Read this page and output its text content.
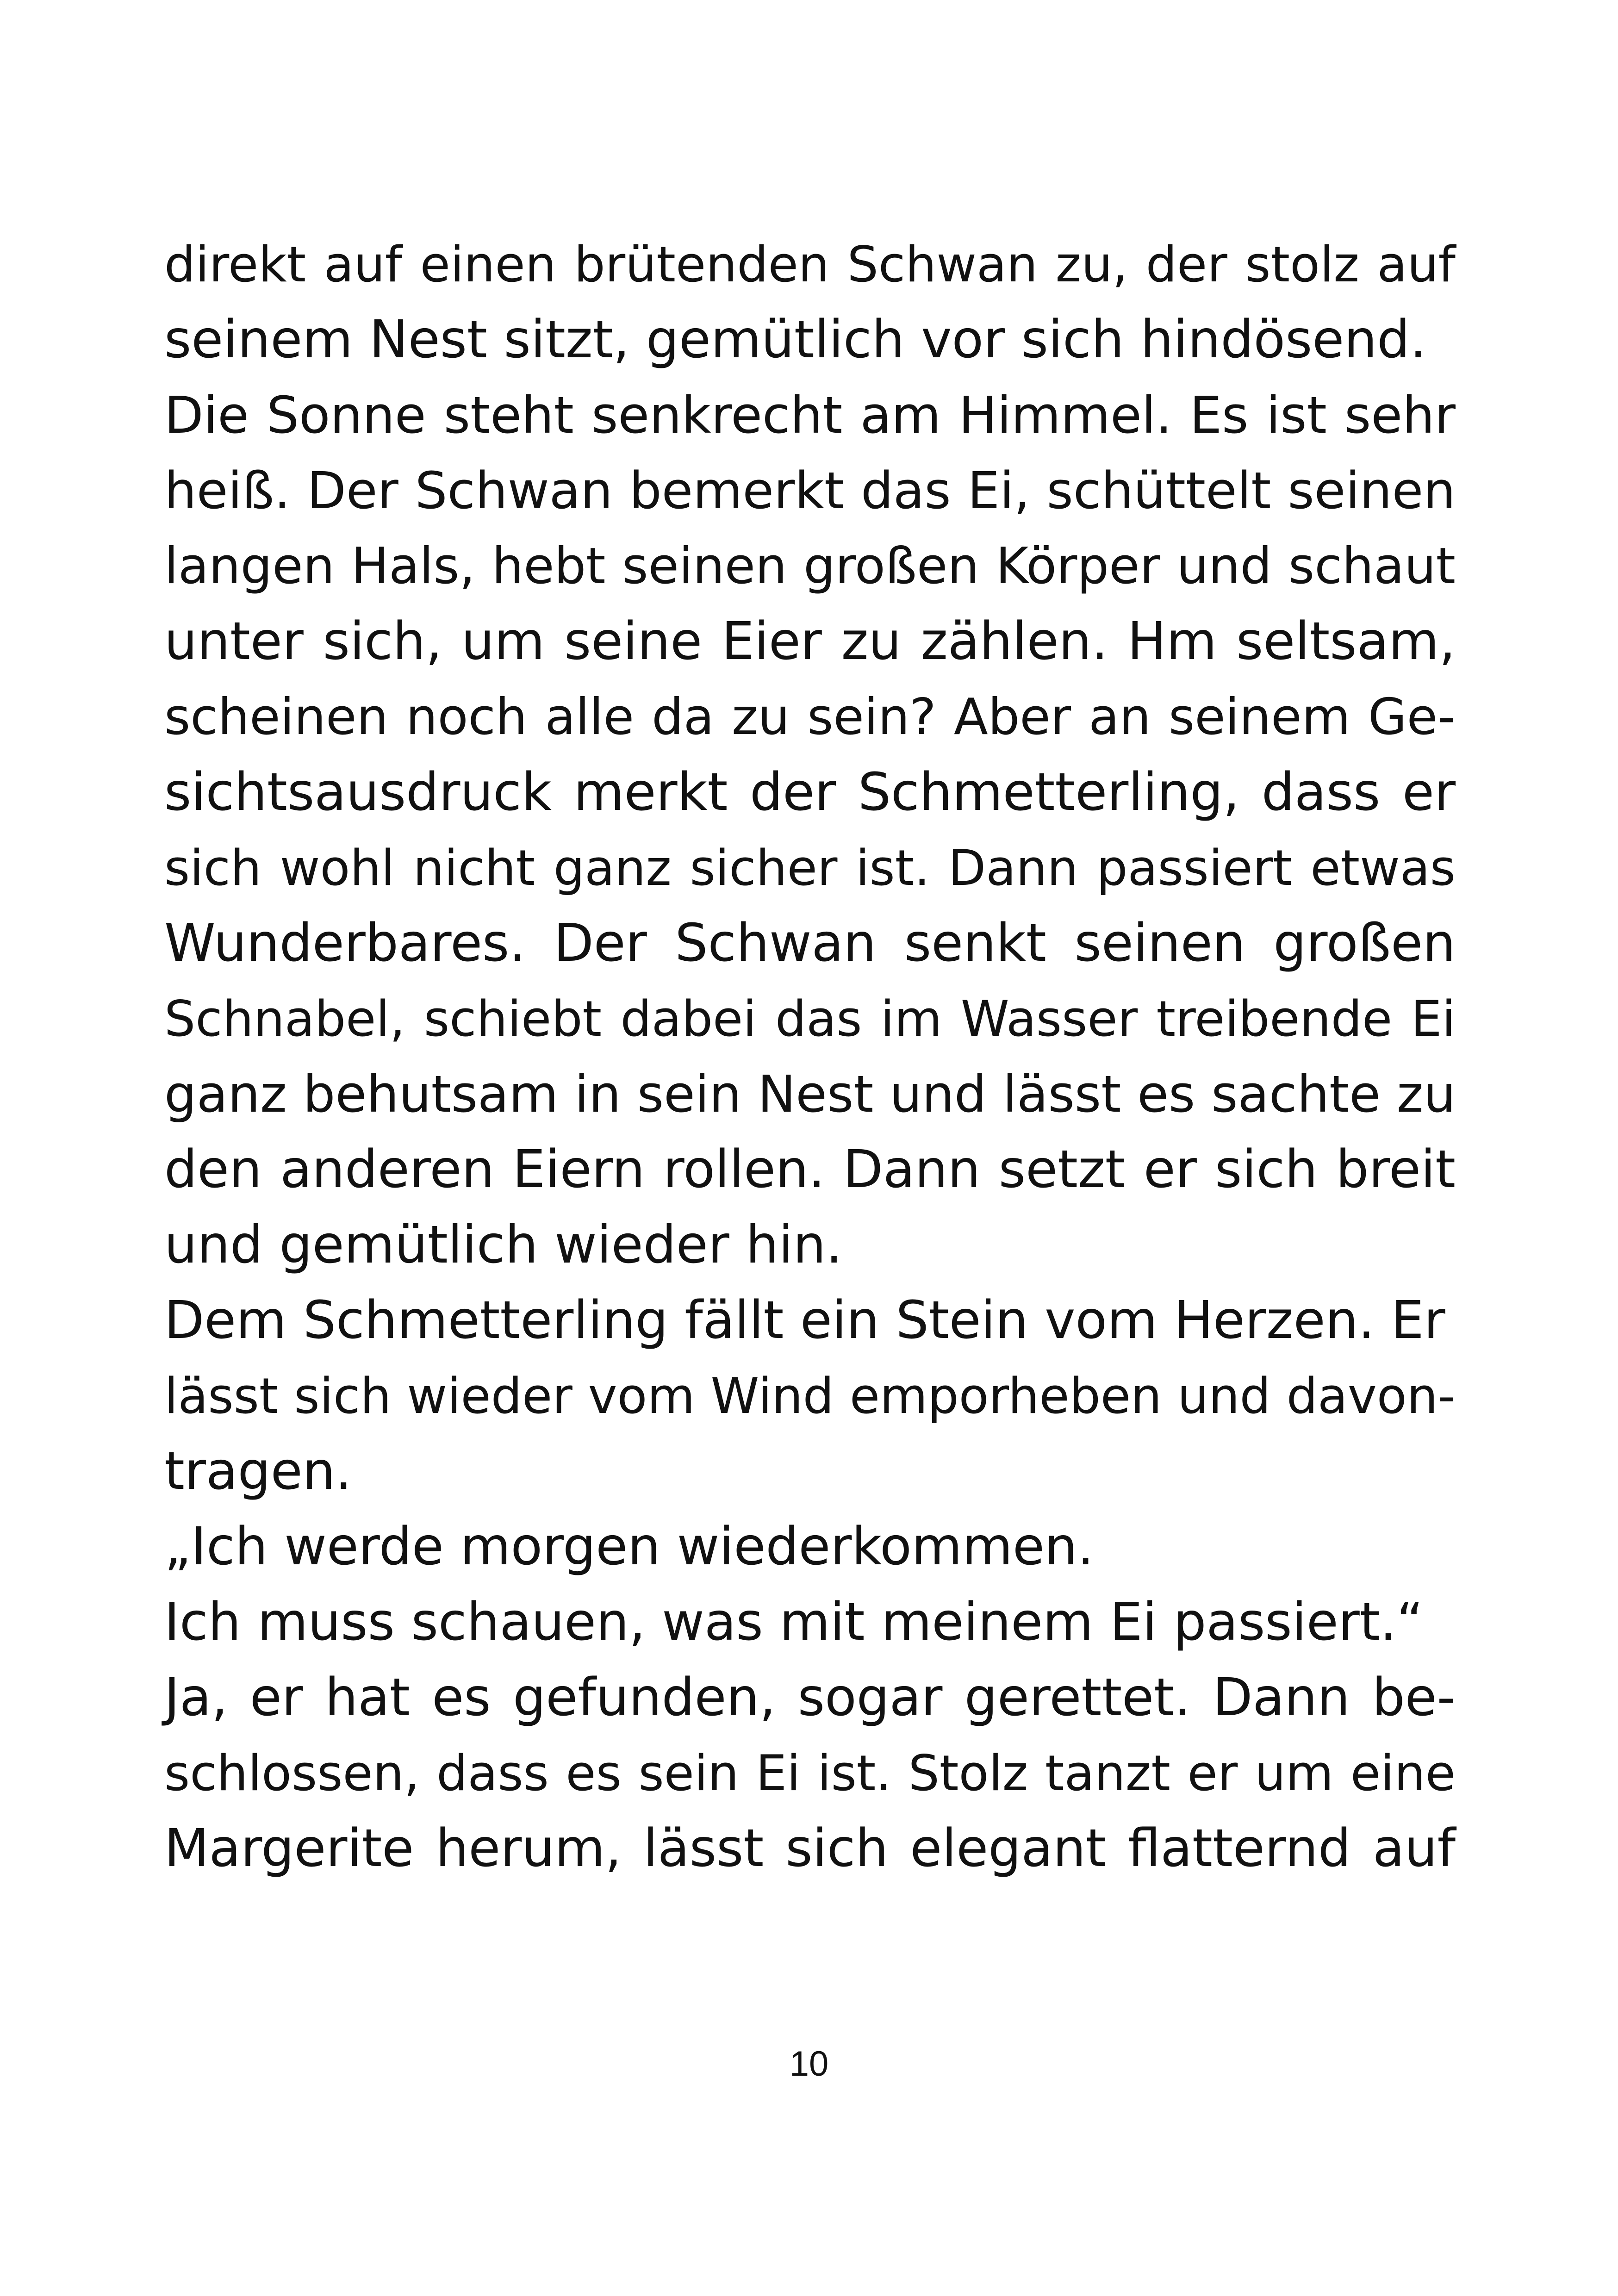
direkt auf einen brütenden Schwan zu, der stolz auf
seinem Nest sitzt, gemütlich vor sich hindösend.
Die Sonne steht senkrecht am Himmel. Es ist sehr
heiß. Der Schwan bemerkt das Ei, schüttelt seinen
langen Hals, hebt seinen großen Körper und schaut
unter sich, um seine Eier zu zählen. Hm seltsam,
scheinen noch alle da zu sein? Aber an seinem Ge-
sichtsausdruck merkt der Schmetterling, dass er
sich wohl nicht ganz sicher ist. Dann passiert etwas
Wunderbares. Der Schwan senkt seinen großen
Schnabel, schiebt dabei das im Wasser treibende Ei
ganz behutsam in sein Nest und lässt es sachte zu
den anderen Eiern rollen. Dann setzt er sich breit
und gemütlich wieder hin.
Dem Schmetterling fällt ein Stein vom Herzen. Er
lässt sich wieder vom Wind emporheben und davon-
tragen.
„Ich werde morgen wiederkommen.
Ich muss schauen, was mit meinem Ei passiert.“
Ja, er hat es gefunden, sogar gerettet. Dann be-
schlossen, dass es sein Ei ist. Stolz tanzt er um eine
Margerite herum, lässt sich elegant flatternd auf
10
